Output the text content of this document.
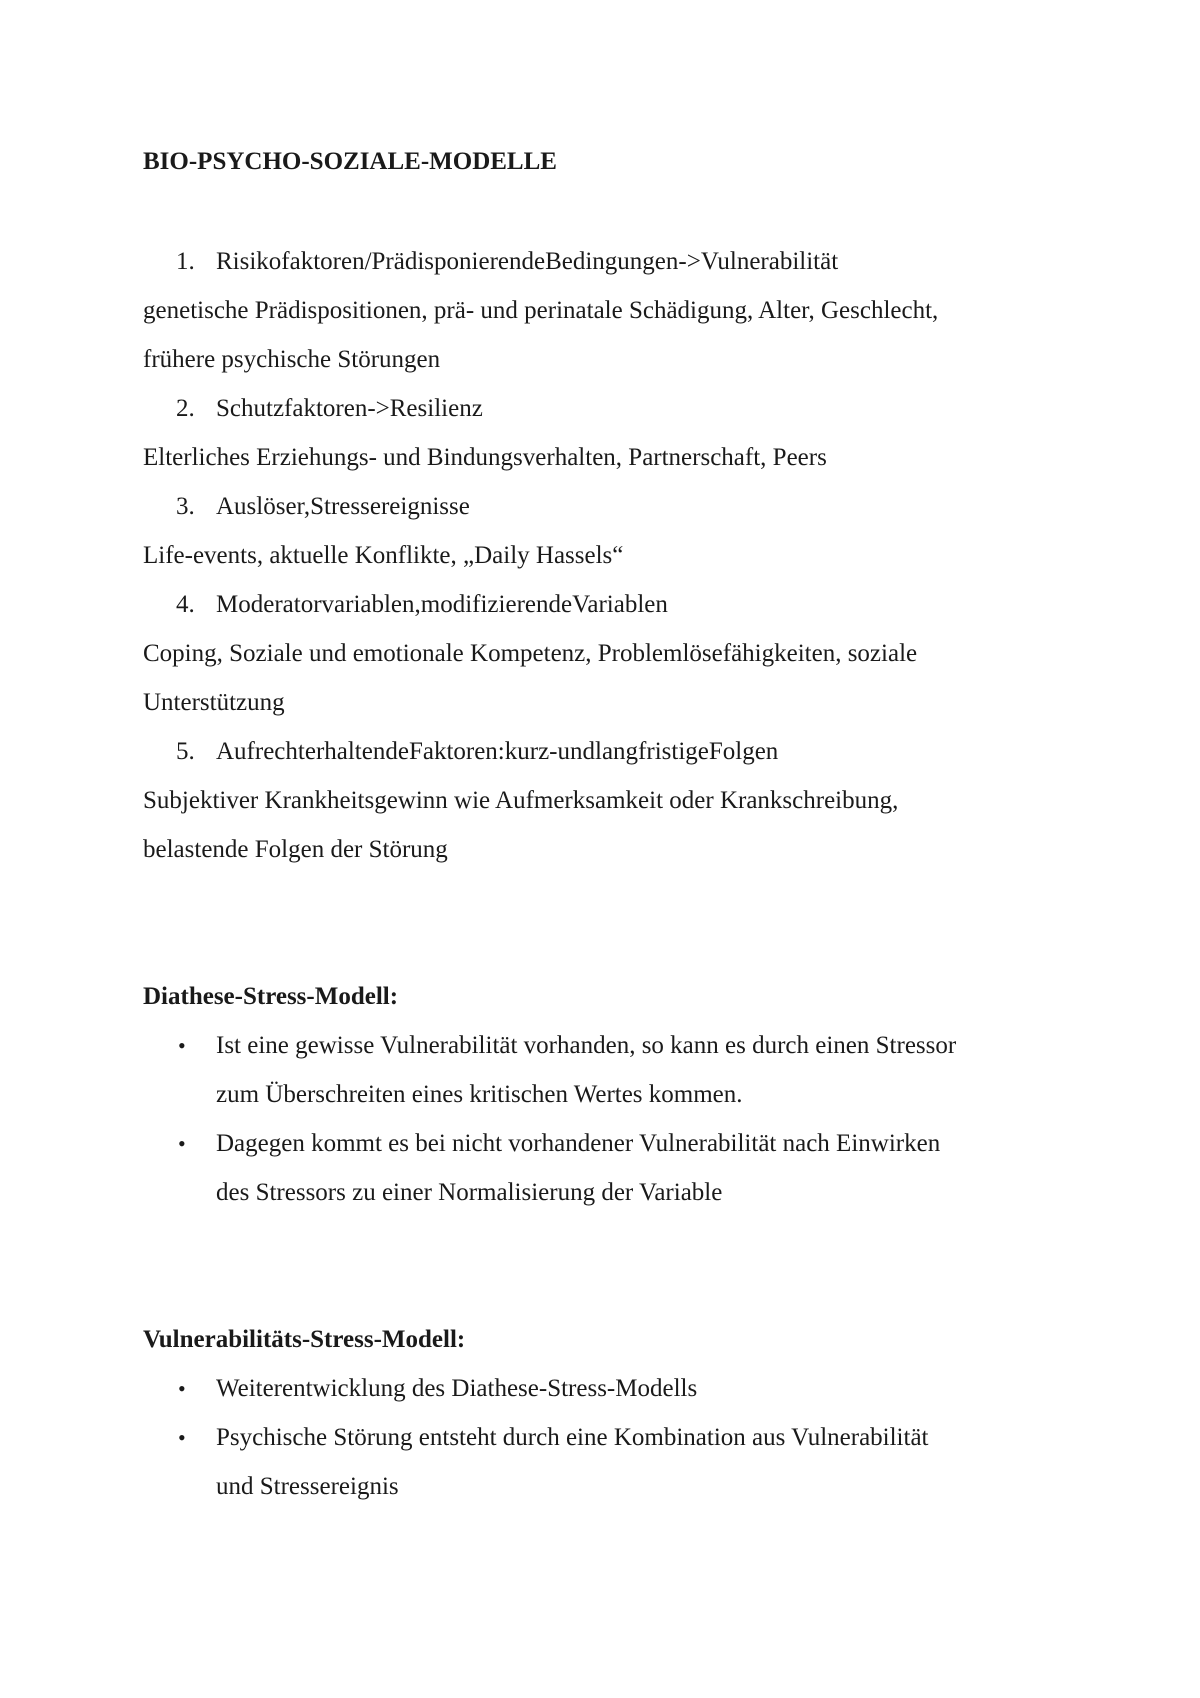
BIO-PSYCHO-SOZIALE-MODELLE

1. Risikofaktoren/PrädisponierendeBedingungen->Vulnerabilität

genetische Prädispositionen, prä- und perinatale Schädigung, Alter, Geschlecht,

frühere psychische Störungen

2. Schutzfaktoren->Resilienz

Elterliches Erziehungs- und Bindungsverhalten, Partnerschaft, Peers

3. Auslöser,Stressereignisse

Life-events, aktuelle Konflikte, „Daily Hassels“

4. Moderatorvariablen,modifizierendeVariablen

Coping, Soziale und emotionale Kompetenz, Problemlösefähigkeiten, soziale

Unterstützung

5. AufrechterhaltendeFaktoren:kurz-undlangfristigeFolgen

Subjektiver Krankheitsgewinn wie Aufmerksamkeit oder Krankschreibung,

belastende Folgen der Störung

Diathese-Stress-Modell:
• Ist eine gewisse Vulnerabilität vorhanden, so kann es durch einen Stressor

zum Überschreiten eines kritischen Wertes kommen.

• Dagegen kommt es bei nicht vorhandener Vulnerabilität nach Einwirken

des Stressors zu einer Normalisierung der Variable

Vulnerabilitäts-Stress-Modell:
• Weiterentwicklung des Diathese-Stress-Modells

• Psychische Störung entsteht durch eine Kombination aus Vulnerabilität

und Stressereignis
